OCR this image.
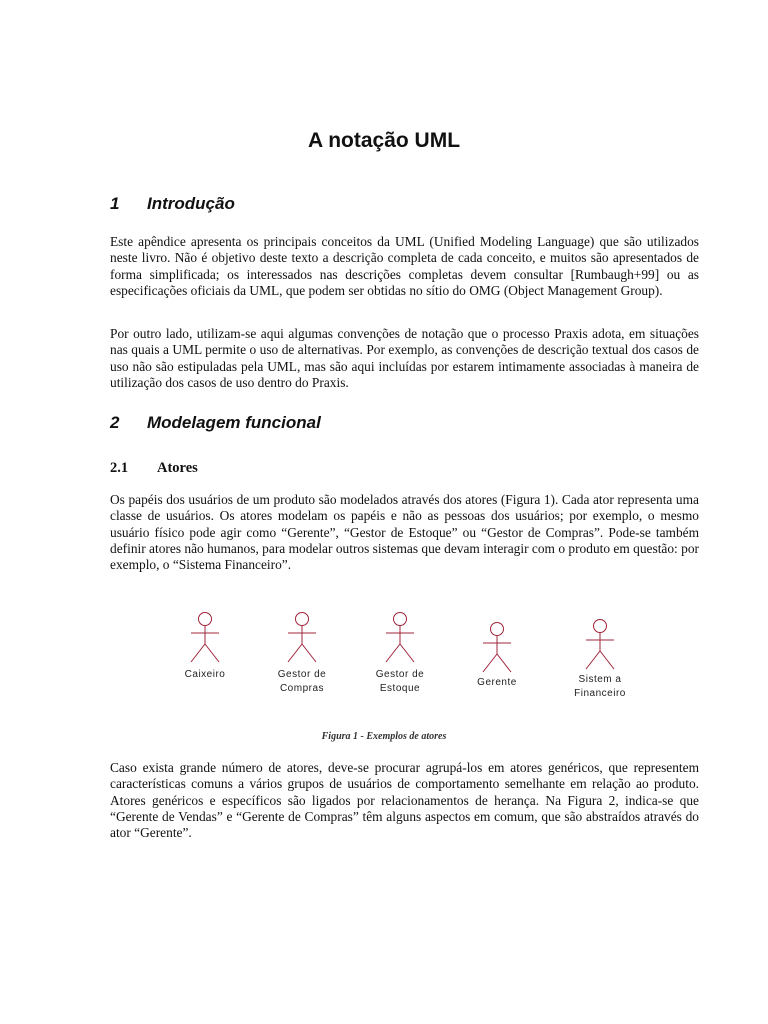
A notação UML
1 Introdução

Este apêndice apresenta os principais conceitos da UML (Unified Modeling Language) que são utilizados neste livro. Não é objetivo deste texto a descrição completa de cada conceito, e muitos são apresentados de forma simplificada; os interessados nas descrições completas devem consultar [Rumbaugh+99] ou as especificações oficiais da UML, que podem ser obtidas no sítio do OMG (Object Management Group).

Por outro lado, utilizam-se aqui algumas convenções de notação que o processo Praxis adota, em situações nas quais a UML permite o uso de alternativas. Por exemplo, as convenções de descrição textual dos casos de uso não são estipuladas pela UML, mas são aqui incluídas por estarem intimamente associadas à maneira de utilização dos casos de uso dentro do Praxis.

2 Modelagem funcional
2.1 Atores

Os papéis dos usuários de um produto são modelados através dos atores (Figura 1). Cada ator representa uma classe de usuários. Os atores modelam os papéis e não as pessoas dos usuários; por exemplo, o mesmo usuário físico pode agir como “Gerente”, “Gestor de Estoque” ou “Gestor de Compras”. Pode-se também definir atores não humanos, para modelar outros sistemas que devam interagir com o produto em questão: por exemplo, o “Sistema Financeiro”.

Caixeiro	Gestor de
Compras
Gestor de
Estoque
Gerente	Sistem a
Financeiro
Figura 1 - Exemplos de atores

Caso exista grande número de atores, deve-se procurar agrupá-los em atores genéricos, que representem características comuns a vários grupos de usuários de comportamento semelhante em relação ao produto. Atores genéricos e específicos são ligados por relacionamentos de herança. Na Figura 2, indica-se que “Gerente de Vendas” e “Gerente de Compras” têm alguns aspectos em comum, que são abstraídos através do ator “Gerente”.
